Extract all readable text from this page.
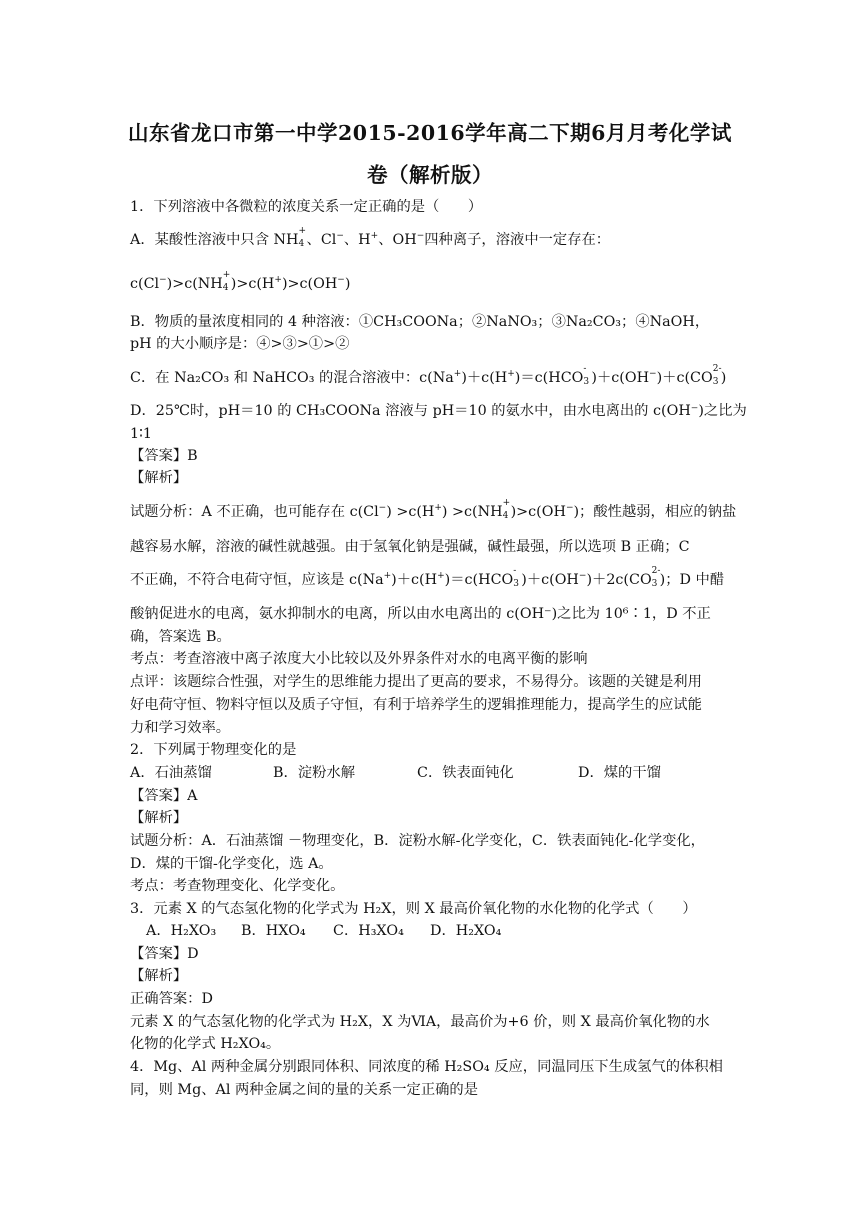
山东省龙口市第一中学2015-2016学年高二下期6月月考化学试
卷（解析版）
1．下列溶液中各微粒的浓度关系一定正确的是（　　）
A．某酸性溶液中只含 NH
+
4 、Cl−、H+、OH−四种离子，溶液中一定存在：
c(Cl−)>c(NH
+
4 )>c(H+)>c(OH−)
B．物质的量浓度相同的 4 种溶液：①CH₃COONa；②NaNO₃；③Na₂CO₃；④NaOH，
pH 的大小顺序是：④>③>①>②
C．在 Na₂CO₃ 和 NaHCO₃ 的混合溶液中：c(Na+)＋c(H+)＝c(HCO
-
3 )＋c(OH−)＋c(CO
2-
3 )
D．25℃时，pH＝10 的 CH₃COONa 溶液与 pH＝10 的氨水中，由水电离出的 c(OH⁻)之比为
1∶1
【答案】B
【解析】
试题分析：A 不正确，也可能存在 c(Cl−) >c(H+) >c(NH
+
4 )>c(OH−)；酸性越弱，相应的钠盐
越容易水解，溶液的碱性就越强。由于氢氧化钠是强碱，碱性最强，所以选项 B 正确；C
不正确，不符合电荷守恒，应该是 c(Na+)＋c(H+)＝c(HCO
-
3 )＋c(OH−)＋2c(CO
2-
3 )；D 中醋
酸钠促进水的电离，氨水抑制水的电离，所以由水电离出的 c(OH⁻)之比为 10⁶∶1，D 不正
确，答案选 B。
考点：考查溶液中离子浓度大小比较以及外界条件对水的电离平衡的影响
点评：该题综合性强，对学生的思维能力提出了更高的要求，不易得分。该题的关键是利用
好电荷守恒、物料守恒以及质子守恒，有利于培养学生的逻辑推理能力，提高学生的应试能
力和学习效率。
2．下列属于物理变化的是
A．石油蒸馏	B．淀粉水解	C．铁表面钝化	D．煤的干馏
【答案】A
【解析】
试题分析：A．石油蒸馏 －物理变化，B．淀粉水解-化学变化，C．铁表面钝化-化学变化，
D．煤的干馏-化学变化，选 A。
考点：考查物理变化、化学变化。
3．元素 X 的气态氢化物的化学式为 H₂X，则 X 最高价氧化物的水化物的化学式（　　）
A．H₂XO₃ B．HXO₄ C．H₃XO₄ D．H₂XO₄
【答案】D
【解析】
正确答案：D
元素 X 的气态氢化物的化学式为 H₂X，X 为ⅥA，最高价为+6 价，则 X 最高价氧化物的水
化物的化学式 H₂XO₄。
4．Mg、Al 两种金属分别跟同体积、同浓度的稀 H₂SO₄ 反应，同温同压下生成氢气的体积相
同，则 Mg、Al 两种金属之间的量的关系一定正确的是
